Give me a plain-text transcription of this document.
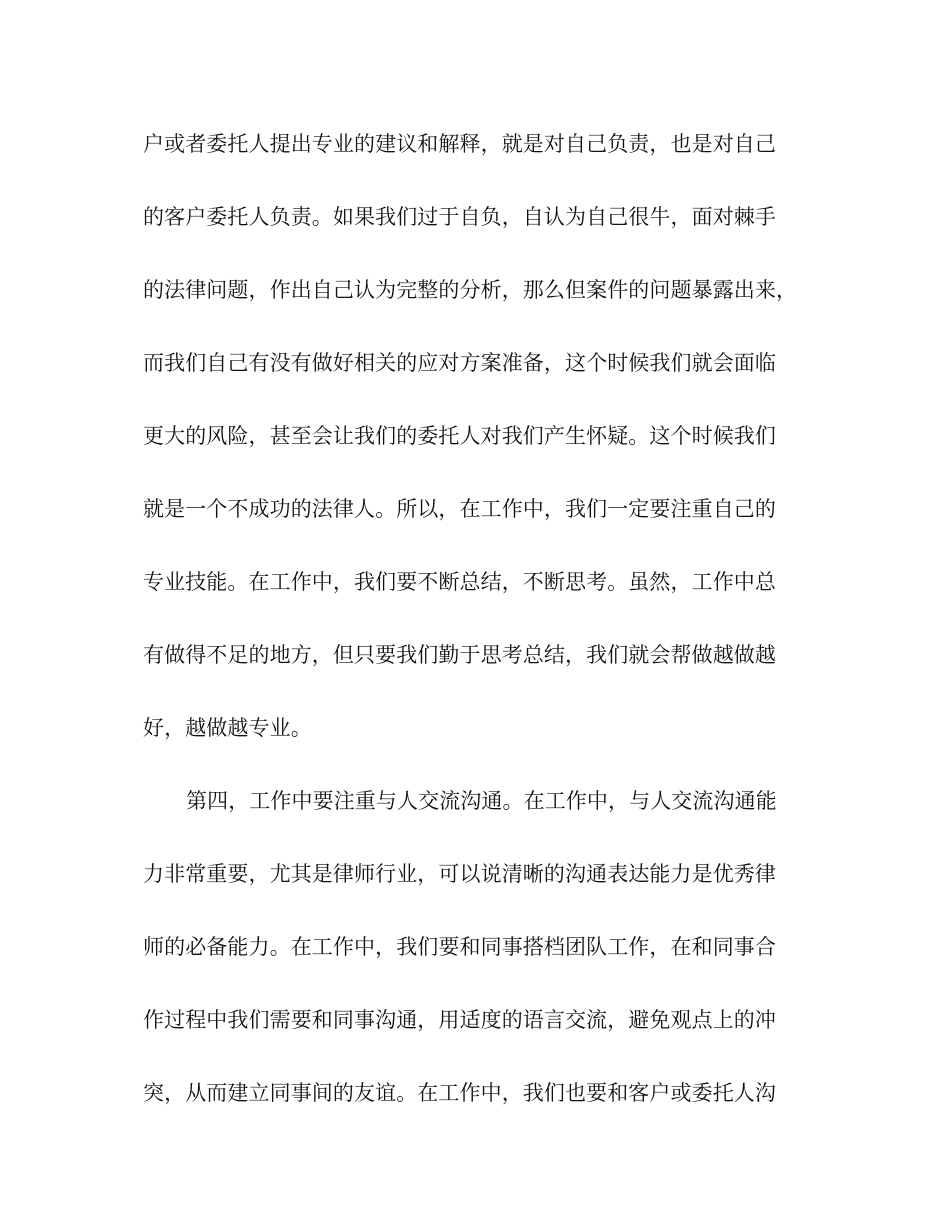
户或者委托人提出专业的建议和解释，就是对自己负责，也是对自己
的客户委托人负责。如果我们过于自负，自认为自己很牛，面对棘手
的法律问题，作出自己认为完整的分析，那么但案件的问题暴露出来，
而我们自己有没有做好相关的应对方案准备，这个时候我们就会面临
更大的风险，甚至会让我们的委托人对我们产生怀疑。这个时候我们
就是一个不成功的法律人。所以，在工作中，我们一定要注重自己的
专业技能。在工作中，我们要不断总结，不断思考。虽然，工作中总
有做得不足的地方，但只要我们勤于思考总结，我们就会帮做越做越
好，越做越专业。
第四，工作中要注重与人交流沟通。在工作中，与人交流沟通能
力非常重要，尤其是律师行业，可以说清晰的沟通表达能力是优秀律
师的必备能力。在工作中，我们要和同事搭档团队工作，在和同事合
作过程中我们需要和同事沟通，用适度的语言交流，避免观点上的冲
突，从而建立同事间的友谊。在工作中，我们也要和客户或委托人沟
